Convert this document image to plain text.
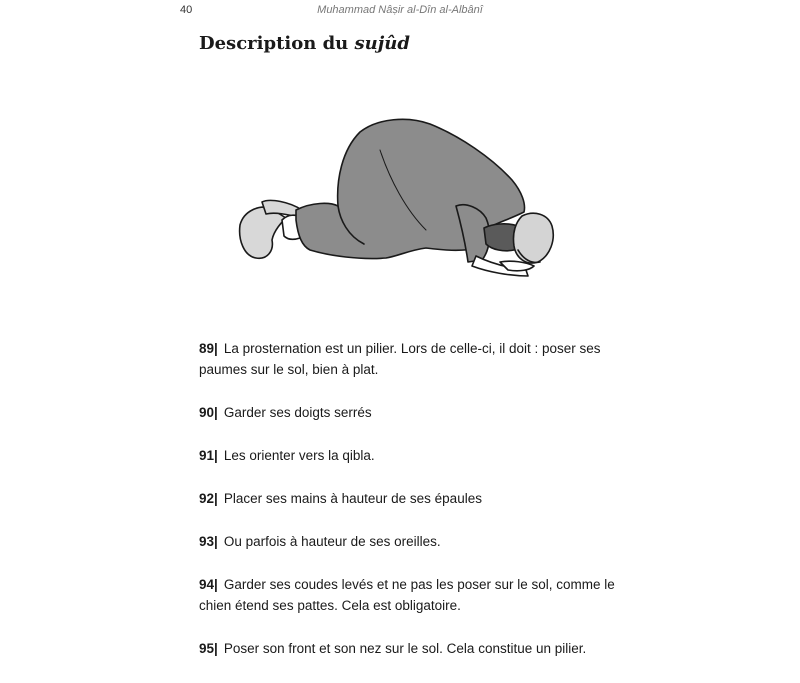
40	Muhammad Nâṣir al-Dîn al-Albânî
Description du sujûd

89| La prosternation est un pilier. Lors de celle-ci, il doit : poser ses paumes sur le sol, bien à plat.

90| Garder ses doigts serrés

91| Les orienter vers la qibla.

92| Placer ses mains à hauteur de ses épaules

93| Ou parfois à hauteur de ses oreilles.

94| Garder ses coudes levés et ne pas les poser sur le sol, comme le chien étend ses pattes. Cela est obligatoire.

95| Poser son front et son nez sur le sol. Cela constitue un pilier.
